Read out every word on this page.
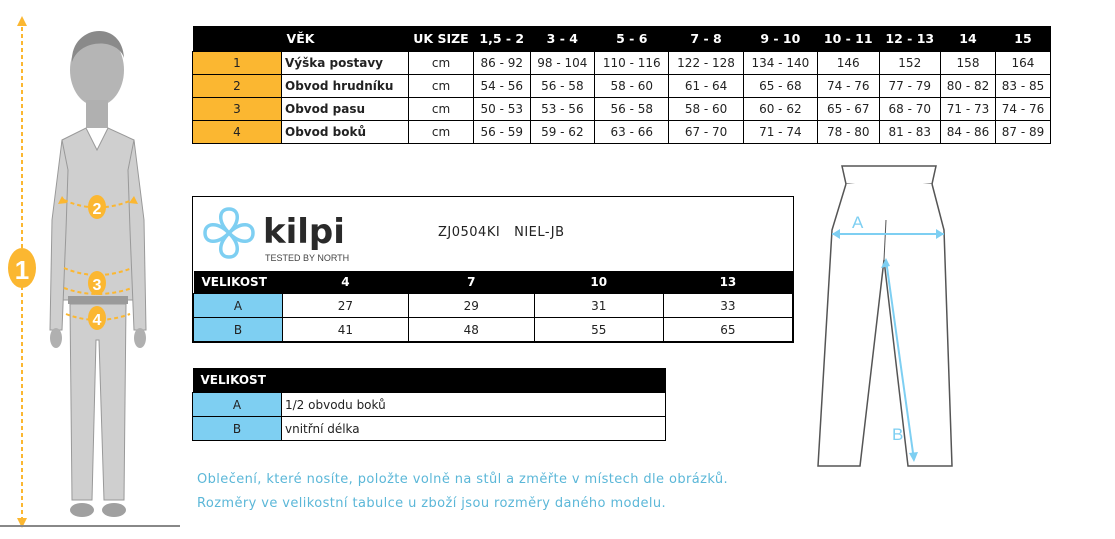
1
2
3
4
VĚK		UK SIZE	1,5 - 2	3 - 4	5 - 6	7 - 8	9 - 10	10 - 11	12 - 13	14	15
1	Výška postavy	cm	86 - 92	98 - 104	110 - 116	122 - 128	134 - 140	146	152	158	164
2	Obvod hrudníku	cm	54 - 56	56 - 58	58 - 60	61 - 64	65 - 68	74 - 76	77 - 79	80 - 82	83 - 85
3	Obvod pasu	cm	50 - 53	53 - 56	56 - 58	58 - 60	60 - 62	65 - 67	68 - 70	71 - 73	74 - 76
4	Obvod boků	cm	56 - 59	59 - 62	63 - 66	67 - 70	71 - 74	78 - 80	81 - 83	84 - 86	87 - 89
kilpi
TESTED BY NORTH
VELIKOST	4	7	10	13
A	27	29	31	33
B	41	48	55	65
ZJ0504KI NIEL-JB
VELIKOST	
A	1/2 obvodu boků
B	vnitřní délka
Oblečení, které nosíte, položte volně na stůl a změřte v místech dle obrázků.
Rozměry ve velikostní tabulce u zboží jsou rozměry daného modelu.
A
B
